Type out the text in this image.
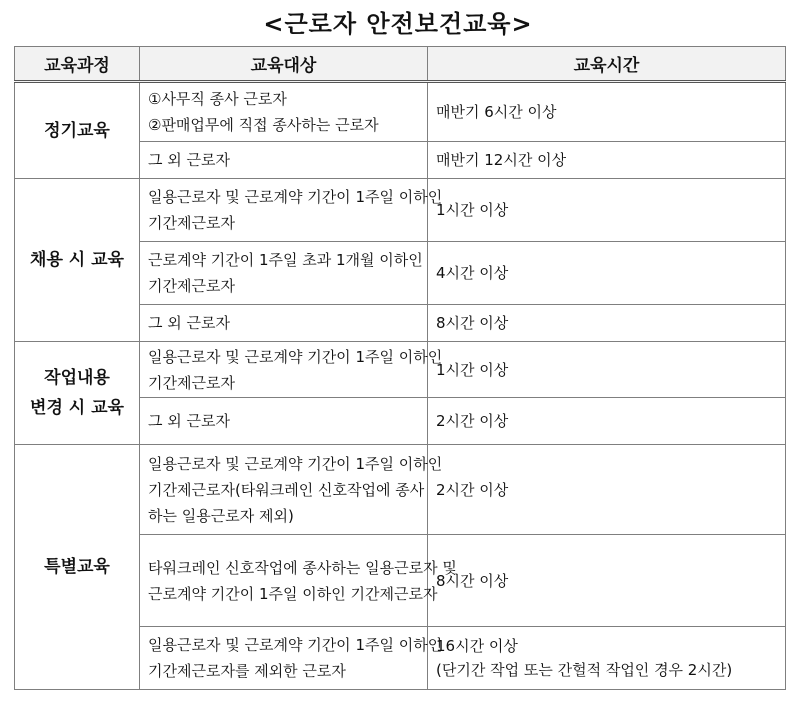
<근로자 안전보건교육>
교육과정	교육대상	교육시간

정기교육	①사무직 종사 근로자
②판매업무에 직접 종사하는 근로자	매반기 6시간 이상

	그 외 근로자	매반기 12시간 이상

채용 시 교육	일용근로자 및 근로계약 기간이 1주일 이하인
기간제근로자	1시간 이상

	근로계약 기간이 1주일 초과 1개월 이하인
기간제근로자	4시간 이상

	그 외 근로자	8시간 이상

작업내용
변경 시 교육	일용근로자 및 근로계약 기간이 1주일 이하인
기간제근로자	1시간 이상

	그 외 근로자	2시간 이상

특별교육	일용근로자 및 근로계약 기간이 1주일 이하인
기간제근로자(타워크레인 신호작업에 종사
하는 일용근로자 제외)	2시간 이상

	타워크레인 신호작업에 종사하는 일용근로자 및
근로계약 기간이 1주일 이하인 기간제근로자	8시간 이상

	일용근로자 및 근로계약 기간이 1주일 이하인
기간제근로자를 제외한 근로자	16시간 이상
(단기간 작업 또는 간헐적 작업인 경우 2시간)
